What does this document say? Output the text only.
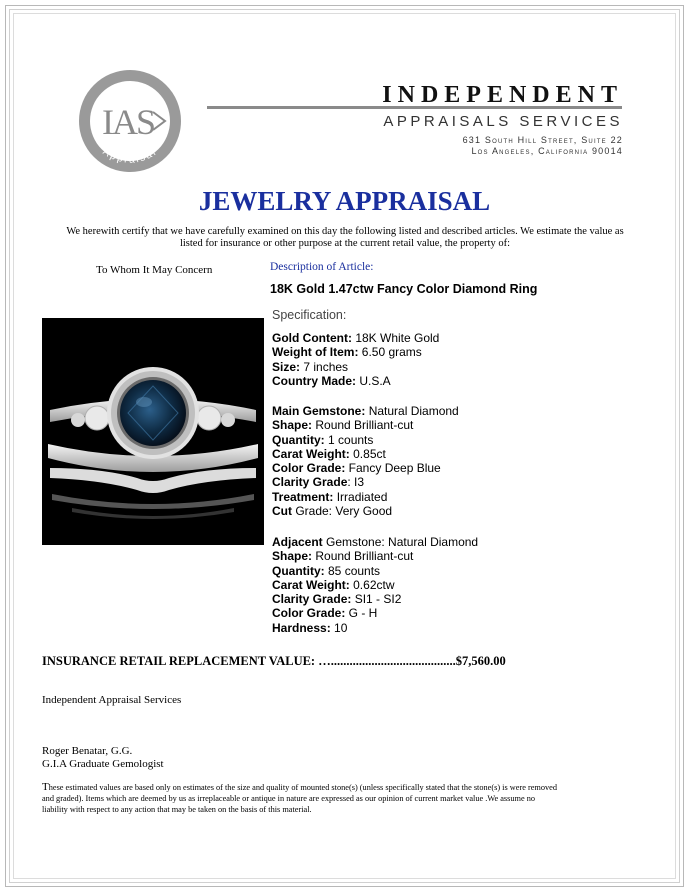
IAS
Appraisal
INDEPENDENT
APPRAISALS SERVICES
631 South Hill Street, Suite 22
Los Angeles, California 90014
JEWELRY APPRAISAL
We herewith certify that we have carefully examined on this day the following listed and described articles. We estimate the value as listed for insurance or other purpose at the current retail value, the property of:
To Whom It May Concern	Description of Article:
18K Gold 1.47ctw Fancy Color Diamond Ring
Specification:
Gold Content: 18K White Gold
Weight of Item: 6.50 grams
Size: 7 inches
Country Made: U.S.A
Main Gemstone: Natural Diamond
Shape: Round Brilliant-cut
Quantity: 1 counts
Carat Weight: 0.85ct
Color Grade: Fancy Deep Blue
Clarity Grade: I3
Treatment: Irradiated
Cut Grade: Very Good
Adjacent Gemstone: Natural Diamond
Shape: Round Brilliant-cut
Quantity: 85 counts
Carat Weight: 0.62ctw
Clarity Grade: SI1 - SI2
Color Grade: G - H
Hardness: 10
INSURANCE RETAIL REPLACEMENT VALUE: …........................................$7,560.00
Independent Appraisal Services
Roger Benatar, G.G.
G.I.A Graduate Gemologist
These estimated values are based only on estimates of the size and quality of mounted stone(s) (unless specifically stated that the stone(s) is were removed and graded). Items which are deemed by us as irreplaceable or antique in nature are expressed as our opinion of current market value .We assume no liability with respect to any action that may be taken on the basis of this material.
